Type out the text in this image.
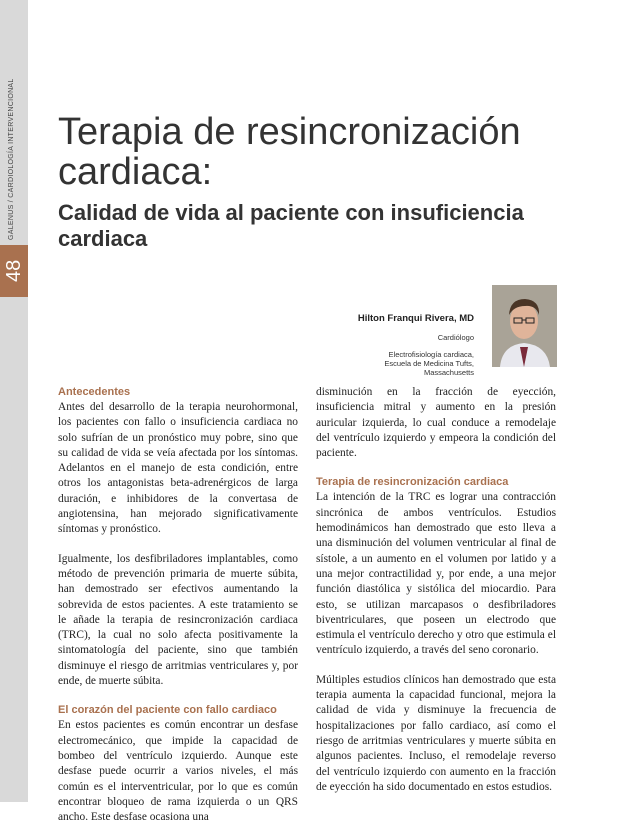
GALENUS / CARDIOLOGÍA INTERVENCIONAL
48
Terapia de resincronización cardiaca:
Calidad de vida al paciente con insuficiencia cardiaca
Hilton Franqui Rivera, MD
Cardiólogo
Electrofisiología cardiaca,
Escuela de Medicina Tufts,
Massachusetts
Antecedentes

Antes del desarrollo de la terapia neurohormonal, los pacientes con fallo o insuficiencia cardiaca no solo sufrían de un pronóstico muy pobre, sino que su calidad de vida se veía afectada por los síntomas. Adelantos en el manejo de esta condición, entre otros los antagonistas beta-adrenérgicos de larga duración, e inhibidores de la convertasa de angiotensina, han mejorado significativamente síntomas y pronóstico.

Igualmente, los desfibriladores implantables, como método de prevención primaria de muerte súbita, han demostrado ser efectivos aumentando la sobrevida de estos pacientes. A este tratamiento se le añade la terapia de resincronización cardiaca (TRC), la cual no solo afecta positivamente la sintomatología del paciente, sino que también disminuye el riesgo de arritmias ventriculares y, por ende, de muerte súbita.

El corazón del paciente con fallo cardiaco

En estos pacientes es común encontrar un desfase electromecánico, que impide la capacidad de bombeo del ventrículo izquierdo. Aunque este desfase puede ocurrir a varios niveles, el más común es el interventricular, por lo que es común encontrar bloqueo de rama izquierda o un QRS ancho. Este desfase ocasiona una

disminución en la fracción de eyección, insuficiencia mitral y aumento en la presión auricular izquierda, lo cual conduce a remodelaje del ventrículo izquierdo y empeora la condición del paciente.

Terapia de resincronización cardiaca

La intención de la TRC es lograr una contracción sincrónica de ambos ventrículos. Estudios hemodinámicos han demostrado que esto lleva a una disminución del volumen ventricular al final de sístole, a un aumento en el volumen por latido y a una mejor contractilidad y, por ende, a una mejor función diastólica y sistólica del miocardio. Para esto, se utilizan marcapasos o desfibriladores biventriculares, que poseen un electrodo que estimula el ventrículo derecho y otro que estimula el ventrículo izquierdo, a través del seno coronario.

Múltiples estudios clínicos han demostrado que esta terapia aumenta la capacidad funcional, mejora la calidad de vida y disminuye la frecuencia de hospitalizaciones por fallo cardiaco, así como el riesgo de arritmias ventriculares y muerte súbita en algunos pacientes. Incluso, el remodelaje reverso del ventrículo izquierdo con aumento en la fracción de eyección ha sido documentado en estos estudios.
